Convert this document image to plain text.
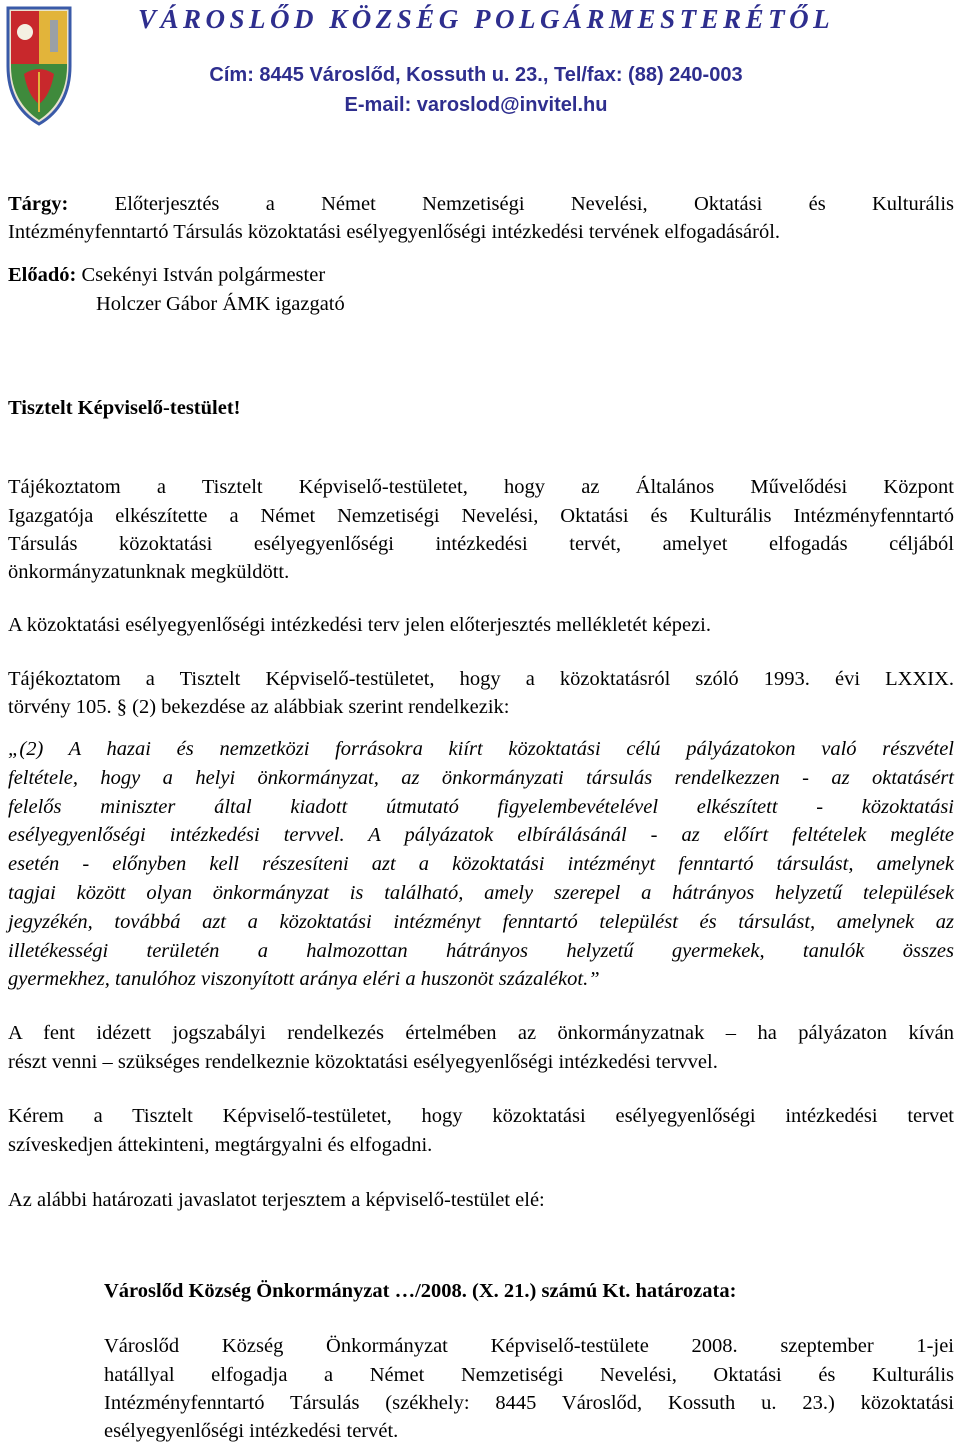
VÁROSLŐD KÖZSÉG POLGÁRMESTERÉTŐL
Cím: 8445 Városlőd, Kossuth u. 23., Tel/fax: (88) 240-003
E-mail: varoslod@invitel.hu
Tárgy: Előterjesztés a Német Nemzetiségi Nevelési, Oktatási és Kulturális
Intézményfenntartó Társulás közoktatási esélyegyenlőségi intézkedési tervének elfogadásáról.
Előadó: Csekényi István polgármester
Holczer Gábor ÁMK igazgató
Tisztelt Képviselő-testület!
Tájékoztatom a Tisztelt Képviselő-testületet, hogy az Általános Művelődési Központ
Igazgatója elkészítette a Német Nemzetiségi Nevelési, Oktatási és Kulturális Intézményfenntartó
Társulás közoktatási esélyegyenlőségi intézkedési tervét, amelyet elfogadás céljából
önkormányzatunknak megküldött.
A közoktatási esélyegyenlőségi intézkedési terv jelen előterjesztés mellékletét képezi.
Tájékoztatom a Tisztelt Képviselő-testületet, hogy a közoktatásról szóló 1993. évi LXXIX.
törvény 105. § (2) bekezdése az alábbiak szerint rendelkezik:
„(2) A hazai és nemzetközi forrásokra kiírt közoktatási célú pályázatokon való részvétel
feltétele, hogy a helyi önkormányzat, az önkormányzati társulás rendelkezzen - az oktatásért
felelős miniszter által kiadott útmutató figyelembevételével elkészített - közoktatási
esélyegyenlőségi intézkedési tervvel. A pályázatok elbírálásánál - az előírt feltételek megléte
esetén - előnyben kell részesíteni azt a közoktatási intézményt fenntartó társulást, amelynek
tagjai között olyan önkormányzat is található, amely szerepel a hátrányos helyzetű települések
jegyzékén, továbbá azt a közoktatási intézményt fenntartó települést és társulást, amelynek az
illetékességi területén a halmozottan hátrányos helyzetű gyermekek, tanulók összes
gyermekhez, tanulóhoz viszonyított aránya eléri a huszonöt százalékot.”
A fent idézett jogszabályi rendelkezés értelmében az önkormányzatnak – ha pályázaton kíván
részt venni – szükséges rendelkeznie közoktatási esélyegyenlőségi intézkedési tervvel.
Kérem a Tisztelt Képviselő-testületet, hogy közoktatási esélyegyenlőségi intézkedési tervet
szíveskedjen áttekinteni, megtárgyalni és elfogadni.
Az alábbi határozati javaslatot terjesztem a képviselő-testület elé:
Városlőd Község Önkormányzat …/2008. (X. 21.) számú Kt. határozata:
Városlőd Község Önkormányzat Képviselő-testülete 2008. szeptember 1-jei
hatállyal elfogadja a Német Nemzetiségi Nevelési, Oktatási és Kulturális
Intézményfenntartó Társulás (székhely: 8445 Városlőd, Kossuth u. 23.) közoktatási
esélyegyenlőségi intézkedési tervét.
